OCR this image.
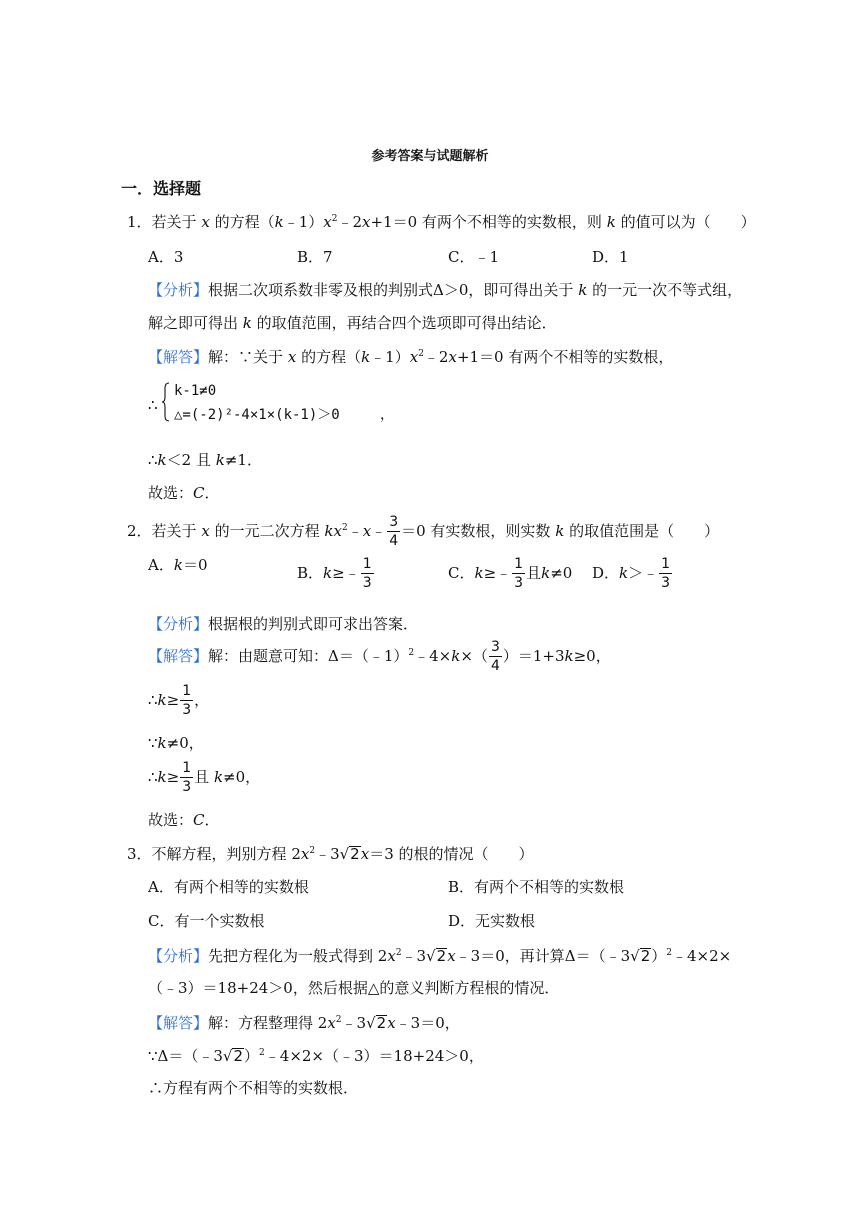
参考答案与试题解析
一．选择题
1．若关于 x 的方程$(k﹣1)x^2﹣2x+1=0$ 有两个不相等的实数根，则 k 的值可以为（　　）
A．3	B．7	C．﹣1	D．1
【分析】根据二次项系数非零及根的判别式Δ＞0，即可得出关于 k 的一元一次不等式组，
解之即可得出 k 的取值范围，再结合四个选项即可得出结论．
【解答】解：∵关于 x 的方程$(k﹣1)x^2﹣2x+1=0$ 有两个不相等的实数根，
∴
k-1≠0
△=(-2)²-4×1×(k-1)＞0	，
∴k＜2 且 k≠1．
故选：C．
2．若关于 x 的一元二次方程 $kx^2﹣x﹣ \frac{3}{4} =0$ 有实数根，则实数 k 的取值范围是（　　）
A．k＝0	B．k≥﹣ $\frac{1}{3}$	C．k≥﹣ $\frac{1}{3}$ 且k≠0 D．k＞﹣ $\frac{1}{3}$
【分析】根据根的判别式即可求出答案．
【解答】解：由题意可知：Δ＝（﹣1）$^2$﹣4×k×（ $\frac{3}{4} )=1+3k\ge 0$，
∴k≥ $\frac{1}{3}$ ，
∵k≠0，
∴k≥ $\frac{1}{3}$ 且 k≠0，
故选：C．
3．不解方程，判别方程 $2x^2﹣3√2x=3$ 的根的情况（　　）
A．有两个相等的实数根	B．有两个不相等的实数根
C．有一个实数根	D．无实数根
【分析】先把方程化为一般式得到 $2x^2﹣3√2x﹣3=0$，再计算Δ＝（﹣3√2）$^2$﹣4×2×
（﹣3）＝18+24＞0，然后根据△的意义判断方程根的情况．
【解答】解：方程整理得 $2x^2﹣3√2x﹣3=0$，
∵Δ＝（﹣3√2）$^2$﹣4×2×（﹣3）＝18+24＞0，
∴方程有两个不相等的实数根．
